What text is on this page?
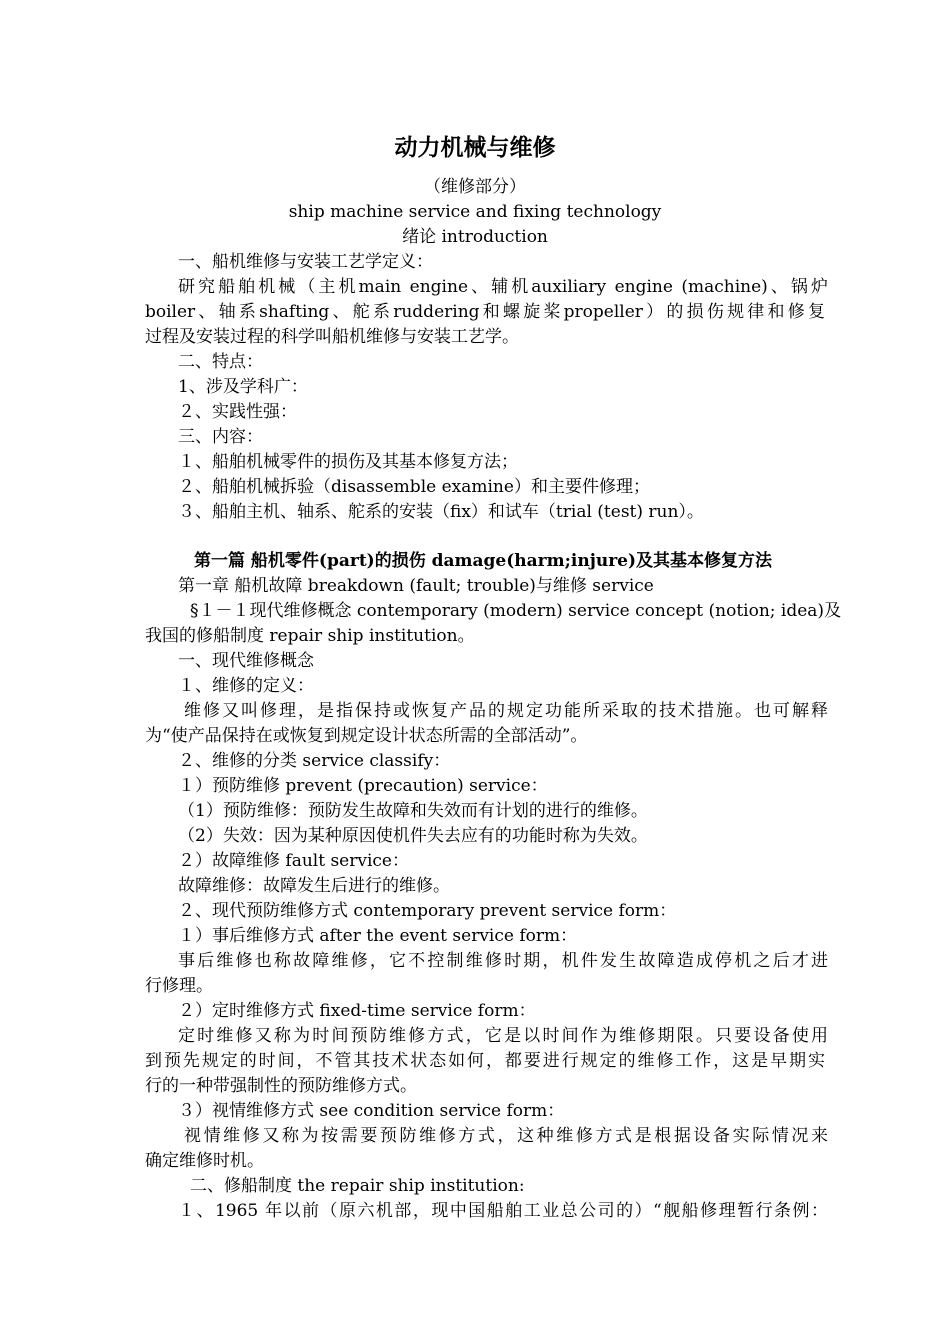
动力机械与维修
（维修部分）
ship machine service and fixing technology
绪论 introduction
一、船机维修与安装工艺学定义：
研究船舶机械（主机main engine、辅机auxiliary engine (machine)、锅炉
boiler、轴系shafting、舵系ruddering和螺旋桨propeller）的损伤规律和修复
过程及安装过程的科学叫船机维修与安装工艺学。
二、特点：
1、涉及学科广：
２、实践性强：
三、内容：
１、船舶机械零件的损伤及其基本修复方法；
２、船舶机械拆验（disassemble examine）和主要件修理；
３、船舶主机、轴系、舵系的安装（fix）和试车（trial (test) run）。
第一篇 船机零件(part)的损伤 damage(harm;injure)及其基本修复方法
第一章 船机故障 breakdown (fault; trouble)与维修 service
§１－１现代维修概念 contemporary (modern) service concept (notion; idea)及
我国的修船制度 repair ship institution。
一、现代维修概念
１、维修的定义：
维修又叫修理，是指保持或恢复产品的规定功能所采取的技术措施。也可解释
为“使产品保持在或恢复到规定设计状态所需的全部活动”。
２、维修的分类 service classify：
１）预防维修 prevent (precaution) service：
（1）预防维修：预防发生故障和失效而有计划的进行的维修。
（2）失效：因为某种原因使机件失去应有的功能时称为失效。
２）故障维修 fault service：
故障维修：故障发生后进行的维修。
２、现代预防维修方式 contemporary prevent service form：
１）事后维修方式 after the event service form：
事后维修也称故障维修，它不控制维修时期，机件发生故障造成停机之后才进
行修理。
２）定时维修方式 fixed-time service form：
定时维修又称为时间预防维修方式，它是以时间作为维修期限。只要设备使用
到预先规定的时间，不管其技术状态如何，都要进行规定的维修工作，这是早期实
行的一种带强制性的预防维修方式。
３）视情维修方式 see condition service form：
视情维修又称为按需要预防维修方式，这种维修方式是根据设备实际情况来
确定维修时机。
二、修船制度 the repair ship institution:
１、1965 年以前（原六机部，现中国船舶工业总公司的）“舰船修理暂行条例：
